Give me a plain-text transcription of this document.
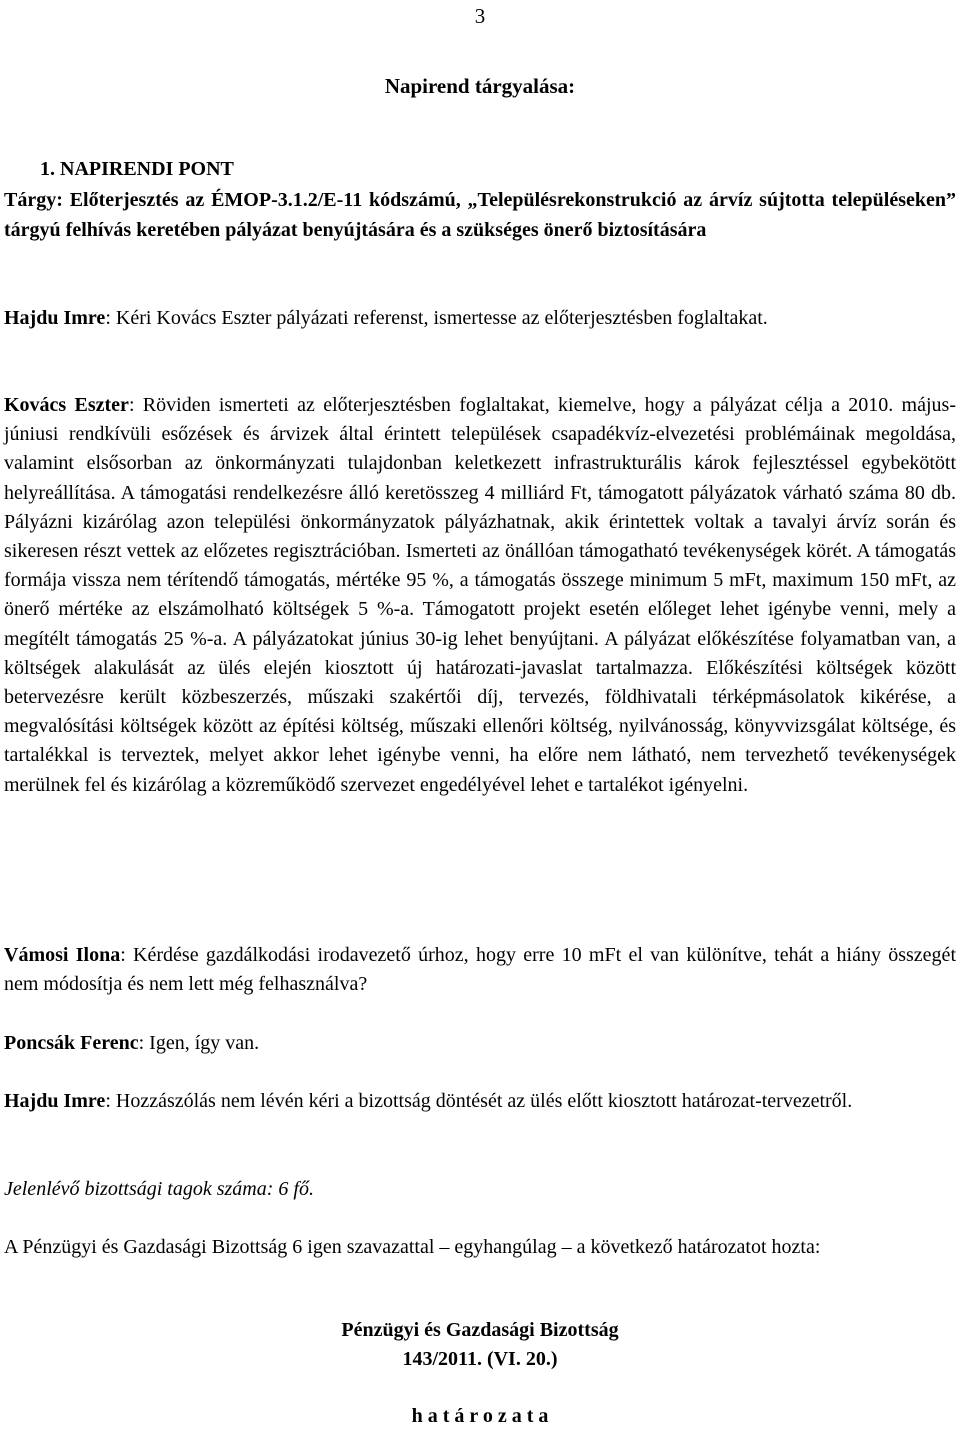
3
Napirend tárgyalása:
1. NAPIRENDI PONT
Tárgy: Előterjesztés az ÉMOP-3.1.2/E-11 kódszámú, „Településrekonstrukció az árvíz sújtotta településeken” tárgyú felhívás keretében pályázat benyújtására és a szükséges önerő biztosítására
Hajdu Imre: Kéri Kovács Eszter pályázati referenst, ismertesse az előterjesztésben foglaltakat.
Kovács Eszter: Röviden ismerteti az előterjesztésben foglaltakat, kiemelve, hogy a pályázat célja a 2010. május-júniusi rendkívüli esőzések és árvizek által érintett települések csapadékvíz-elvezetési problémáinak megoldása, valamint elsősorban az önkormányzati tulajdonban keletkezett infrastrukturális károk fejlesztéssel egybekötött helyreállítása. A támogatási rendelkezésre álló keretösszeg 4 milliárd Ft, támogatott pályázatok várható száma 80 db. Pályázni kizárólag azon települési önkormányzatok pályázhatnak, akik érintettek voltak a tavalyi árvíz során és sikeresen részt vettek az előzetes regisztrációban. Ismerteti az önállóan támogatható tevékenységek körét. A támogatás formája vissza nem térítendő támogatás, mértéke 95 %, a támogatás összege minimum 5 mFt, maximum 150 mFt, az önerő mértéke az elszámolható költségek 5 %-a. Támogatott projekt esetén előleget lehet igénybe venni, mely a megítélt támogatás 25 %-a. A pályázatokat június 30-ig lehet benyújtani. A pályázat előkészítése folyamatban van, a költségek alakulását az ülés elején kiosztott új határozati-javaslat tartalmazza. Előkészítési költségek között betervezésre került közbeszerzés, műszaki szakértői díj, tervezés, földhivatali térképmásolatok kikérése, a megvalósítási költségek között az építési költség, műszaki ellenőri költség, nyilvánosság, könyvvizsgálat költsége, és tartalékkal is terveztek, melyet akkor lehet igénybe venni, ha előre nem látható, nem tervezhető tevékenységek merülnek fel és kizárólag a közreműködő szervezet engedélyével lehet e tartalékot igényelni.
Vámosi Ilona: Kérdése gazdálkodási irodavezető úrhoz, hogy erre 10 mFt el van különítve, tehát a hiány összegét nem módosítja és nem lett még felhasználva?
Poncsák Ferenc: Igen, így van.
Hajdu Imre: Hozzászólás nem lévén kéri a bizottság döntését az ülés előtt kiosztott határozat-tervezetről.
Jelenlévő bizottsági tagok száma: 6 fő.
A Pénzügyi és Gazdasági Bizottság 6 igen szavazattal – egyhangúlag – a következő határozatot hozta:
Pénzügyi és Gazdasági Bizottság
143/2011. (VI. 20.)
h a t á r o z a t a
